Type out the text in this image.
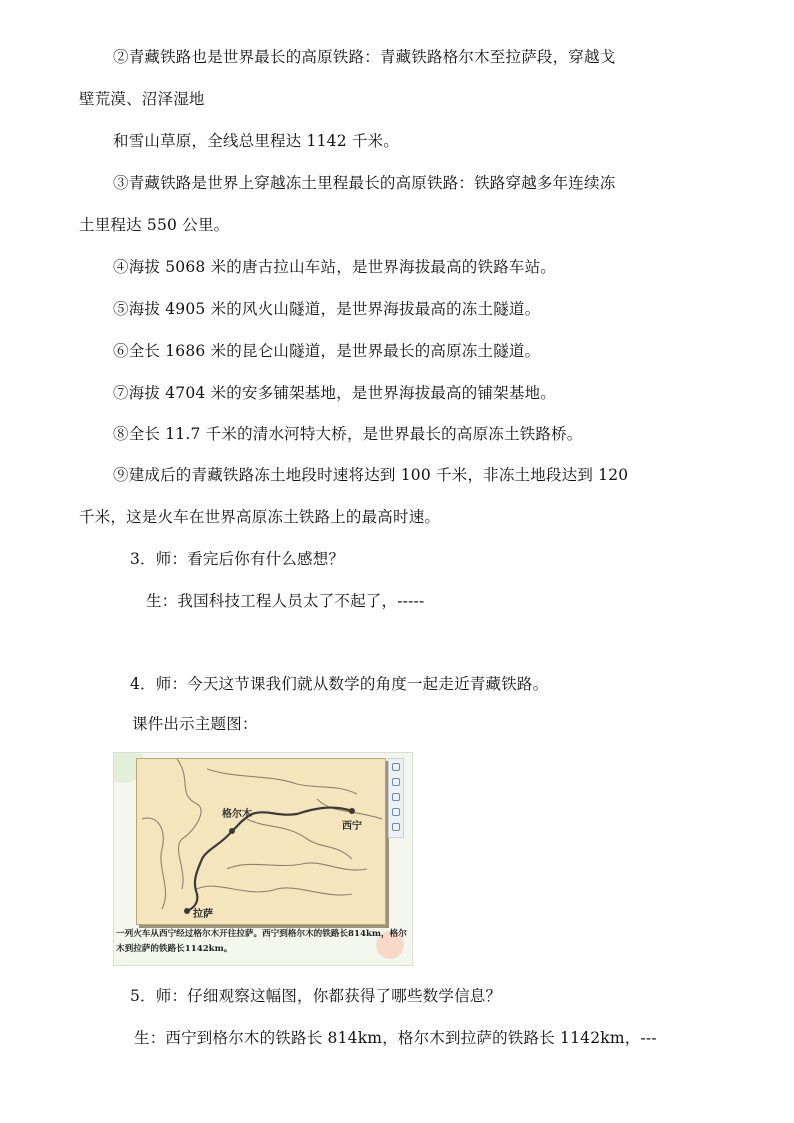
②青藏铁路也是世界最长的高原铁路：青藏铁路格尔木至拉萨段，穿越戈
壁荒漠、沼泽湿地
和雪山草原，全线总里程达 1142 千米。
③青藏铁路是世界上穿越冻土里程最长的高原铁路：铁路穿越多年连续冻
土里程达 550 公里。
④海拔 5068 米的唐古拉山车站，是世界海拔最高的铁路车站。
⑤海拔 4905 米的风火山隧道，是世界海拔最高的冻土隧道。
⑥全长 1686 米的昆仑山隧道，是世界最长的高原冻土隧道。
⑦海拔 4704 米的安多铺架基地，是世界海拔最高的铺架基地。
⑧全长 11.7 千米的清水河特大桥，是世界最长的高原冻土铁路桥。
⑨建成后的青藏铁路冻土地段时速将达到 100 千米，非冻土地段达到 120
千米，这是火车在世界高原冻土铁路上的最高时速。
3．师：看完后你有什么感想？
生：我国科技工程人员太了不起了，-----
4．师：今天这节课我们就从数学的角度一起走近青藏铁路。
课件出示主题图：
格尔木
西宁
拉萨
一列火车从西宁经过格尔木开往拉萨。西宁到格尔木的铁路长814km，格尔木到拉萨的铁路长1142km。
5．师：仔细观察这幅图，你都获得了哪些数学信息？
生：西宁到格尔木的铁路长 814km，格尔木到拉萨的铁路长 1142km，---
